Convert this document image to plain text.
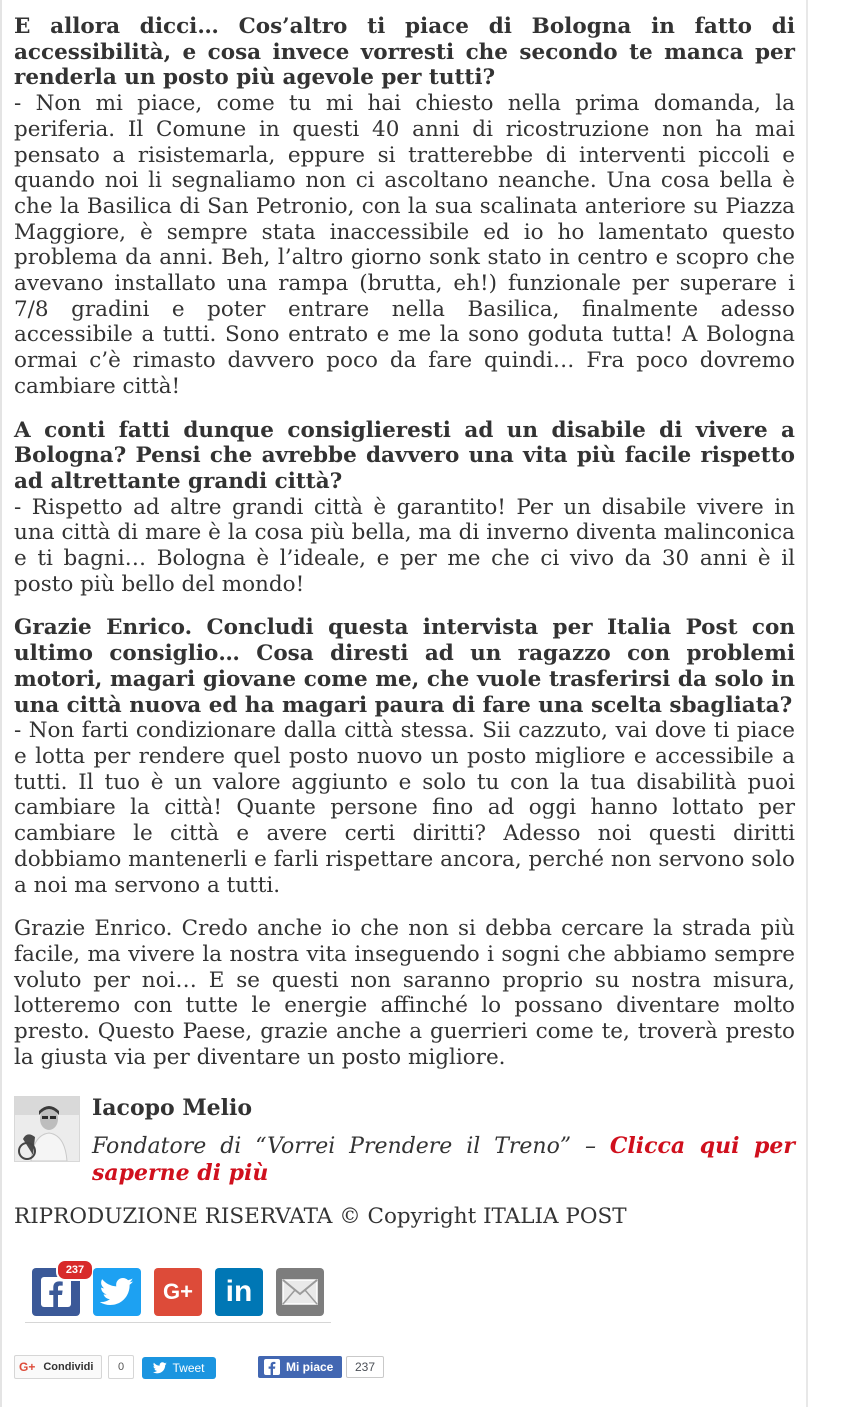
E allora dicci… Cos’altro ti piace di Bologna in fatto di accessibilità, e cosa invece vorresti che secondo te manca per renderla un posto più agevole per tutti?
- Non mi piace, come tu mi hai chiesto nella prima domanda, la periferia. Il Comune in questi 40 anni di ricostruzione non ha mai pensato a risistemarla, eppure si tratterebbe di interventi piccoli e quando noi li segnaliamo non ci ascoltano neanche. Una cosa bella è che la Basilica di San Petronio, con la sua scalinata anteriore su Piazza Maggiore, è sempre stata inaccessibile ed io ho lamentato questo problema da anni. Beh, l’altro giorno sonk stato in centro e scopro che avevano installato una rampa (brutta, eh!) funzionale per superare i 7/8 gradini e poter entrare nella Basilica, finalmente adesso accessibile a tutti. Sono entrato e me la sono goduta tutta! A Bologna ormai c’è rimasto davvero poco da fare quindi… Fra poco dovremo cambiare città!

A conti fatti dunque consiglieresti ad un disabile di vivere a Bologna? Pensi che avrebbe davvero una vita più facile rispetto ad altrettante grandi città?
- Rispetto ad altre grandi città è garantito! Per un disabile vivere in una città di mare è la cosa più bella, ma di inverno diventa malinconica e ti bagni… Bologna è l’ideale, e per me che ci vivo da 30 anni è il posto più bello del mondo!

Grazie Enrico. Concludi questa intervista per Italia Post con ultimo consiglio… Cosa diresti ad un ragazzo con problemi motori, magari giovane come me, che vuole trasferirsi da solo in una città nuova ed ha magari paura di fare una scelta sbagliata?
- Non farti condizionare dalla città stessa. Sii cazzuto, vai dove ti piace e lotta per rendere quel posto nuovo un posto migliore e accessibile a tutti. Il tuo è un valore aggiunto e solo tu con la tua disabilità puoi cambiare la città! Quante persone fino ad oggi hanno lottato per cambiare le città e avere certi diritti? Adesso noi questi diritti dobbiamo mantenerli e farli rispettare ancora, perché non servono solo a noi ma servono a tutti.

Grazie Enrico. Credo anche io che non si debba cercare la strada più facile, ma vivere la nostra vita inseguendo i sogni che abbiamo sempre voluto per noi… E se questi non saranno proprio su nostra misura, lotteremo con tutte le energie affinché lo possano diventare molto presto. Questo Paese, grazie anche a guerrieri come te, troverà presto la giusta via per diventare un posto migliore.

Iacopo Melio
Fondatore di “Vorrei Prendere il Treno” – Clicca qui per saperne di più
RIPRODUZIONE RISERVATA © Copyright ITALIA POST
237
G+ in
G+ Condividi	0	Tweet	Mi piace	237
